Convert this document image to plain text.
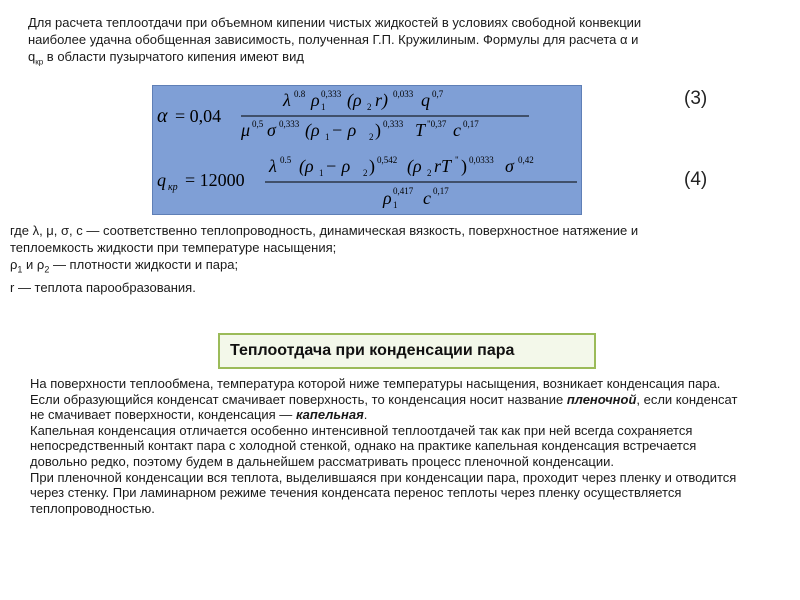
Для расчета теплоотдачи при объемном кипении чистых жидкостей в условиях свободной конвекции
наиболее удачна обобщенная зависимость, полученная Г.П. Кружилиным. Формулы для расчета α и
$q_{кр}$ в области пузырчатого кипения имеют вид
α = 0,04
λ 0.8 ρ 1
0,333 (ρ 2 r) 0,033 q 0,7
μ 0,5 σ 0,333 (ρ 1 − ρ 2 ) 0,333 T "0,37 c 0,17
q кр = 12000
λ 0.5 (ρ 1 − ρ 2 ) 0,542 (ρ 2 rT " ) 0,0333 σ 0,42
ρ 1
0,417 c 0,17
(3)
(4)

где λ, μ, σ, c — соответственно теплопроводность, динамическая вязкость, поверхностное натяжение и

теплоемкость жидкости при температуре насыщения;

$\rho_1$ и $\rho_2$ — плотности жидкости и пара;

r — теплота парообразования.

Теплоотдача при конденсации пара

На поверхности теплообмена, температура которой ниже температуры насыщения, возникает конденсация пара. Если образующийся конденсат смачивает поверхность, то конденсация носит название пленочной, если конденсат не смачивает поверхности, конденсация — капельная.

Капельная конденсация отличается особенно интенсивной теплоотдачей так как при ней всегда сохраняется непосредственный контакт пара с холодной стенкой, однако на практике капельная конденсация встречается довольно редко, поэтому будем в дальнейшем рассматривать процесс пленочной конденсации.

При пленочной конденсации вся теплота, выделившаяся при конденсации пара, проходит через пленку и отводится через стенку. При ламинарном режиме течения конденсата перенос теплоты через пленку осуществляется теплопроводностью.
